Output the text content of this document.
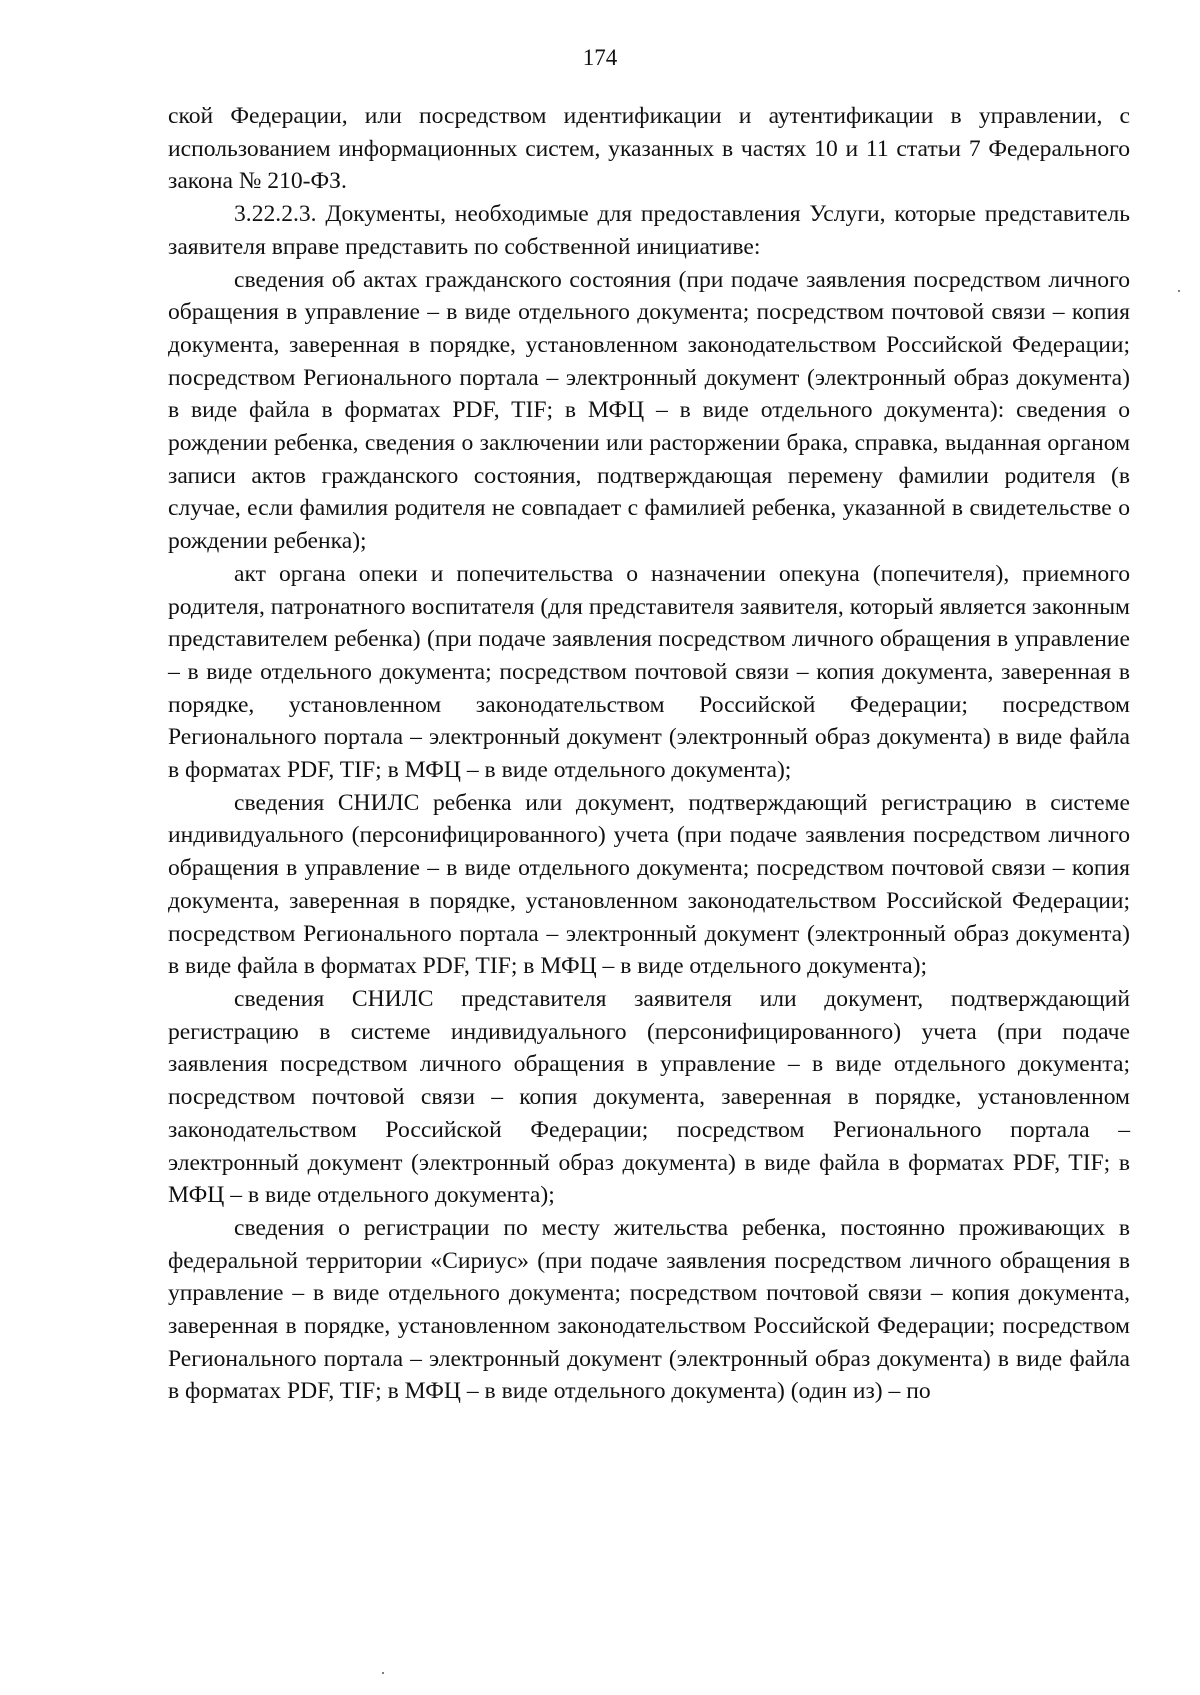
174

ской Федерации, или посредством идентификации и аутентификации в управлении, с использованием информационных систем, указанных в частях 10 и 11 статьи 7 Федерального закона № 210-ФЗ.

3.22.2.3. Документы, необходимые для предоставления Услуги, которые представитель заявителя вправе представить по собственной инициативе:

сведения об актах гражданского состояния (при подаче заявления посредством личного обращения в управление – в виде отдельного документа; посредством почтовой связи – копия документа, заверенная в порядке, установленном законодательством Российской Федерации; посредством Регионального портала – электронный документ (электронный образ документа) в виде файла в форматах PDF, TIF; в МФЦ – в виде отдельного документа): сведения о рождении ребенка, сведения о заключении или расторжении брака, справка, выданная органом записи актов гражданского состояния, подтверждающая перемену фамилии родителя (в случае, если фамилия родителя не совпадает с фамилией ребенка, указанной в свидетельстве о рождении ребенка);

акт органа опеки и попечительства о назначении опекуна (попечителя), приемного родителя, патронатного воспитателя (для представителя заявителя, который является законным представителем ребенка) (при подаче заявления посредством личного обращения в управление – в виде отдельного документа; посредством почтовой связи – копия документа, заверенная в порядке, установленном законодательством Российской Федерации; посредством Регионального портала – электронный документ (электронный образ документа) в виде файла в форматах PDF, TIF; в МФЦ – в виде отдельного документа);

сведения СНИЛС ребенка или документ, подтверждающий регистрацию в системе индивидуального (персонифицированного) учета (при подаче заявления посредством личного обращения в управление – в виде отдельного документа; посредством почтовой связи – копия документа, заверенная в порядке, установленном законодательством Российской Федерации; посредством Регионального портала – электронный документ (электронный образ документа) в виде файла в форматах PDF, TIF; в МФЦ – в виде отдельного документа);

сведения СНИЛС представителя заявителя или документ, подтверждающий регистрацию в системе индивидуального (персонифицированного) учета (при подаче заявления посредством личного обращения в управление – в виде отдельного документа; посредством почтовой связи – копия документа, заверенная в порядке, установленном законодательством Российской Федерации; посредством Регионального портала – электронный документ (электронный образ документа) в виде файла в форматах PDF, TIF; в МФЦ – в виде отдельного документа);

сведения о регистрации по месту жительства ребенка, постоянно проживающих в федеральной территории «Сириус» (при подаче заявления посредством личного обращения в управление – в виде отдельного документа; посредством почтовой связи – копия документа, заверенная в порядке, установленном законодательством Российской Федерации; посредством Регионального портала – электронный документ (электронный образ документа) в виде файла в форматах PDF, TIF; в МФЦ – в виде отдельного документа) (один из) – по
